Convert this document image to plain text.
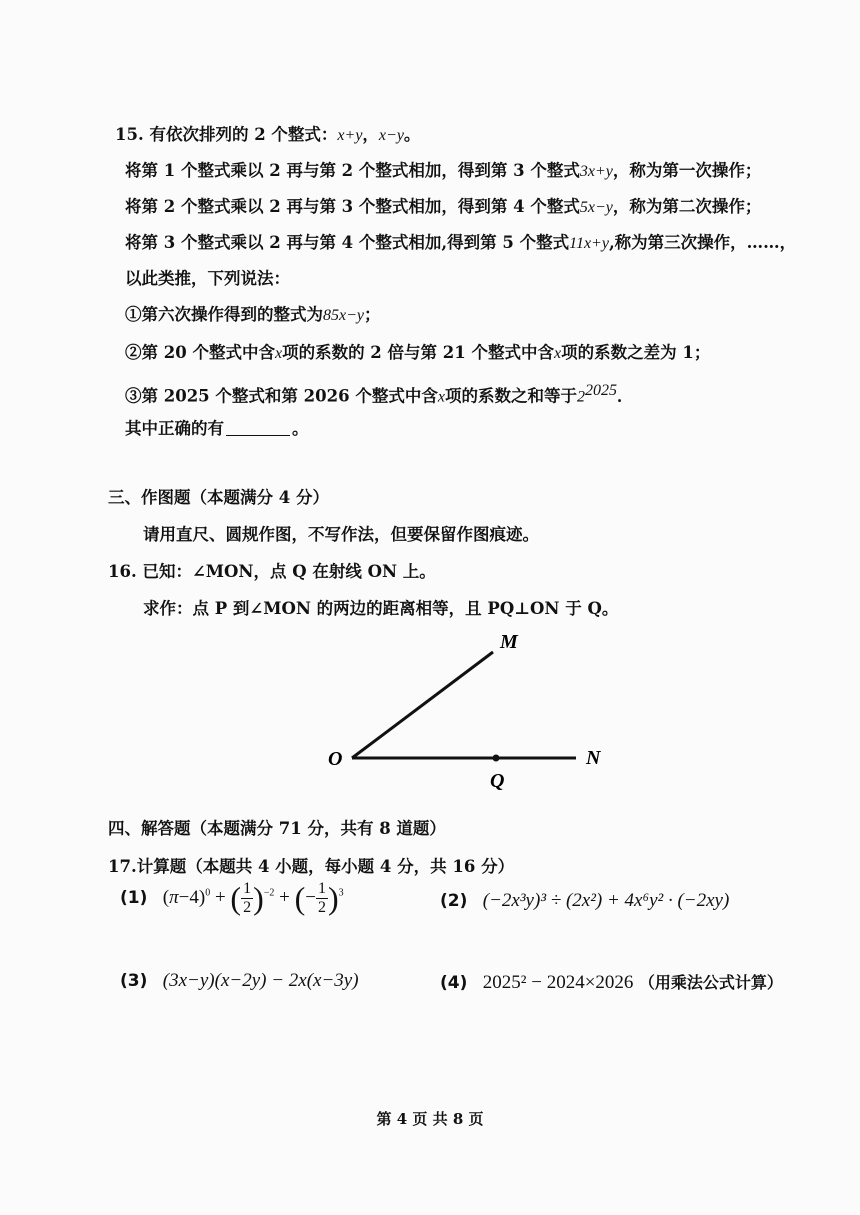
15. 有依次排列的 2 个整式：x+y，x−y。
将第 1 个整式乘以 2 再与第 2 个整式相加，得到第 3 个整式3x+y，称为第一次操作；
将第 2 个整式乘以 2 再与第 3 个整式相加，得到第 4 个整式5x−y，称为第二次操作；
将第 3 个整式乘以 2 再与第 4 个整式相加,得到第 5 个整式11x+y,称为第三次操作，……，
以此类推，下列说法：
①第六次操作得到的整式为85x−y；
②第 20 个整式中含x项的系数的 2 倍与第 21 个整式中含x项的系数之差为 1；
③第 2025 个整式和第 2026 个整式中含x项的系数之和等于$2^{2025}$．
其中正确的有	。
三、作图题（本题满分 4 分）
请用直尺、圆规作图，不写作法，但要保留作图痕迹。
16. 已知：∠MON，点 Q 在射线 ON 上。
求作：点 P 到∠MON 的两边的距离相等，且 PQ⊥ON 于 Q。
M
O	N
Q
四、解答题（本题满分 71 分，共有 8 道题）
17.计算题（本题共 4 小题，每小题 4 分，共 16 分）
(1) $(\pi-4)^0$ + ( $\frac{1}{2} )^{-2}$ + (− $\frac{1}{2} )^3$	(2) (−2x³y)³ ÷ (2x²) + 4x⁶y² · (−2xy)
(3) (3x−y)(x−2y) − 2x(x−3y)	(4) 2025² − 2024×2026 （用乘法公式计算）
第 4 页 共 8 页
